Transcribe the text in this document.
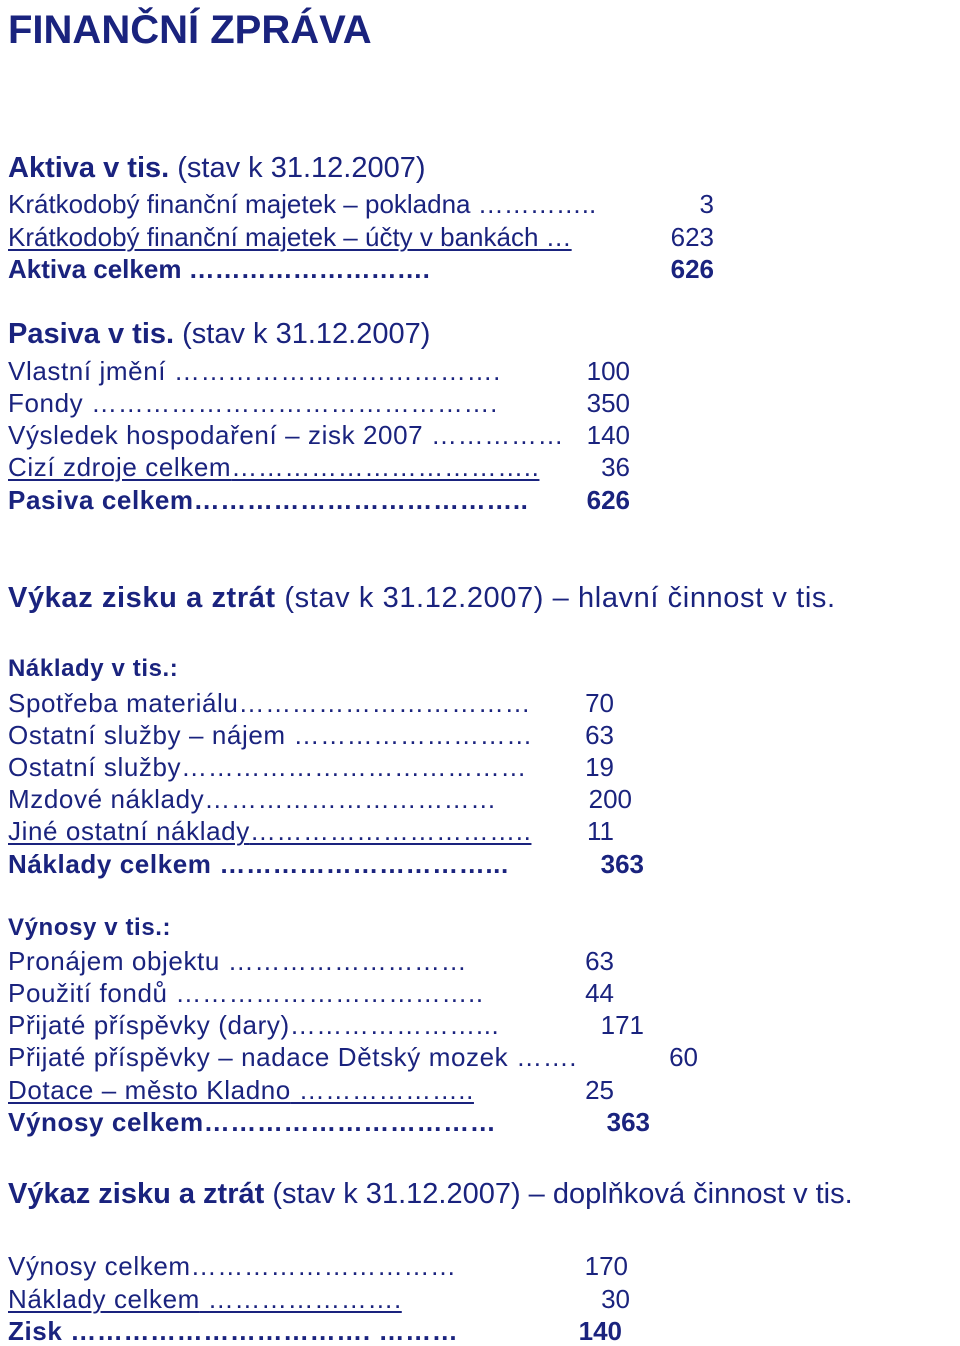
FINANČNÍ ZPRÁVA
Aktiva v tis. (stav k 31.12.2007)
Krátkodobý finanční majetek – pokladna …………..	3
Krátkodobý finanční majetek – účty v bankách …	623
Aktiva celkem ……………………….	626
Pasiva v tis. (stav k 31.12.2007)
Vlastní jmění ……………………………….	100
Fondy ……………………………………….	350
Výsledek hospodaření – zisk 2007 …………… 140
Cizí zdroje celkem……………………………..	36
Pasiva celkem……………………………….. 626
Výkaz zisku a ztrát (stav k 31.12.2007) – hlavní činnost v tis.
Náklady v tis.:
Spotřeba materiálu…………………………… 70
Ostatní služby – nájem ……………………… 63
Ostatní služby………………………………… 19
Mzdové náklady……………………………	200
Jiné ostatní náklady…………………………..	11
Náklady celkem …………………………...	363
Výnosy v tis.:
Pronájem objektu ………………………	63
Použití fondů ……………………………..	44
Přijaté příspěvky (dary)…………………...	171
Přijaté příspěvky – nadace Dětský mozek …….	60
Dotace – město Kladno ………………..	25
Výnosy celkem……………………………	363
Výkaz zisku a ztrát (stav k 31.12.2007) – doplňková činnost v tis.
Výnosy celkem…………………………	170
Náklady celkem ………………….	30
Zisk ……………………………. ………	140
